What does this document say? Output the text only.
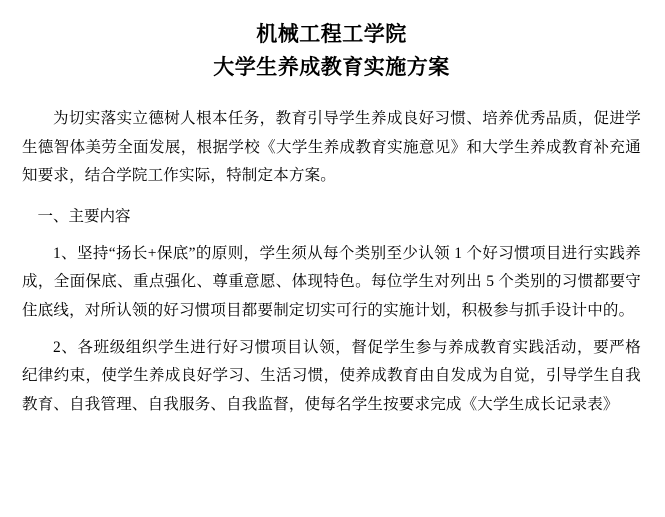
机械工程工学院
大学生养成教育实施方案

为切实落实立德树人根本任务，教育引导学生养成良好习惯、培养优秀品质，促进学生德智体美劳全面发展，根据学校《大学生养成教育实施意见》和大学生养成教育补充通知要求，结合学院工作实际，特制定本方案。

一、主要内容

1、坚持“扬长+保底”的原则，学生须从每个类别至少认领 1 个好习惯项目进行实践养成，全面保底、重点强化、尊重意愿、体现特色。每位学生对列出 5 个类别的习惯都要守住底线，对所认领的好习惯项目都要制定切实可行的实施计划，积极参与抓手设计中的。

2、各班级组织学生进行好习惯项目认领，督促学生参与养成教育实践活动，要严格纪律约束，使学生养成良好学习、生活习惯，使养成教育由自发成为自觉，引导学生自我教育、自我管理、自我服务、自我监督，使每名学生按要求完成《大学生成长记录表》
